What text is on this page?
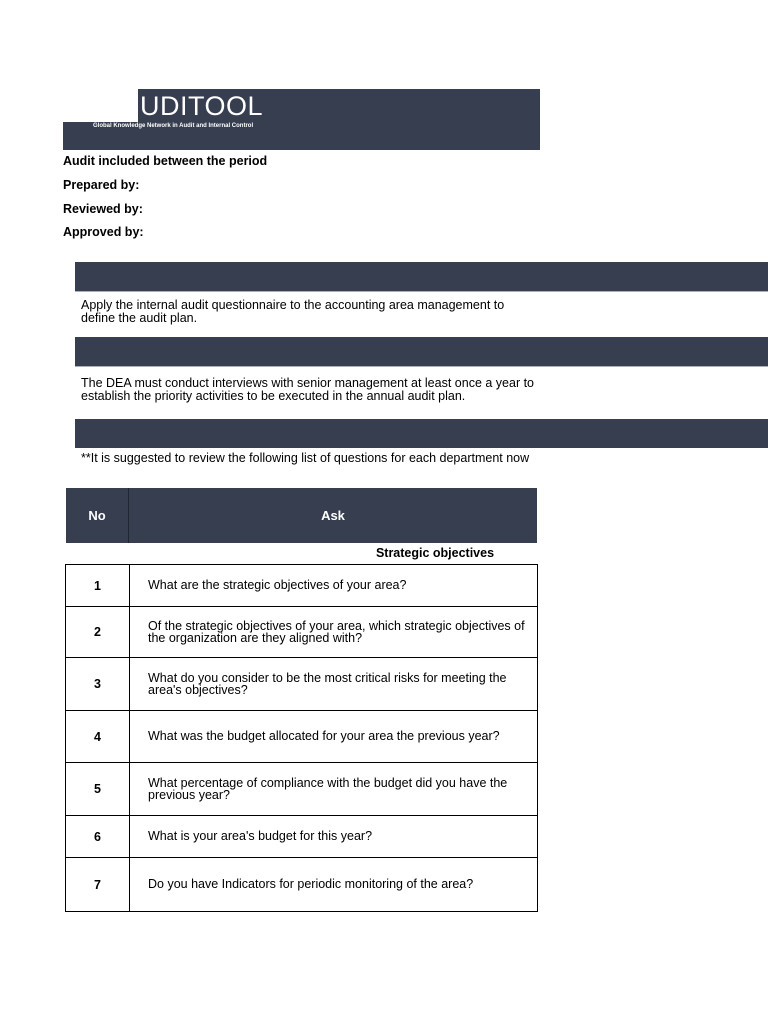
UDITOOL
Global Knowledge Network in Audit and Internal Control
Audit included between the period
Prepared by:
Reviewed by:
Approved by:
Apply the internal audit questionnaire to the accounting area management to define the audit plan.
The DEA must conduct interviews with senior management at least once a year to establish the priority activities to be executed in the annual audit plan.
**It is suggested to review the following list of questions for each department now
No	Ask
Strategic objectives
1	What are the strategic objectives of your area?
2	Of the strategic objectives of your area, which strategic objectives of the organization are they aligned with?
3	What do you consider to be the most critical risks for meeting the area's objectives?
4	What was the budget allocated for your area the previous year?
5	What percentage of compliance with the budget did you have the previous year?
6	What is your area's budget for this year?
7	Do you have Indicators for periodic monitoring of the area?
